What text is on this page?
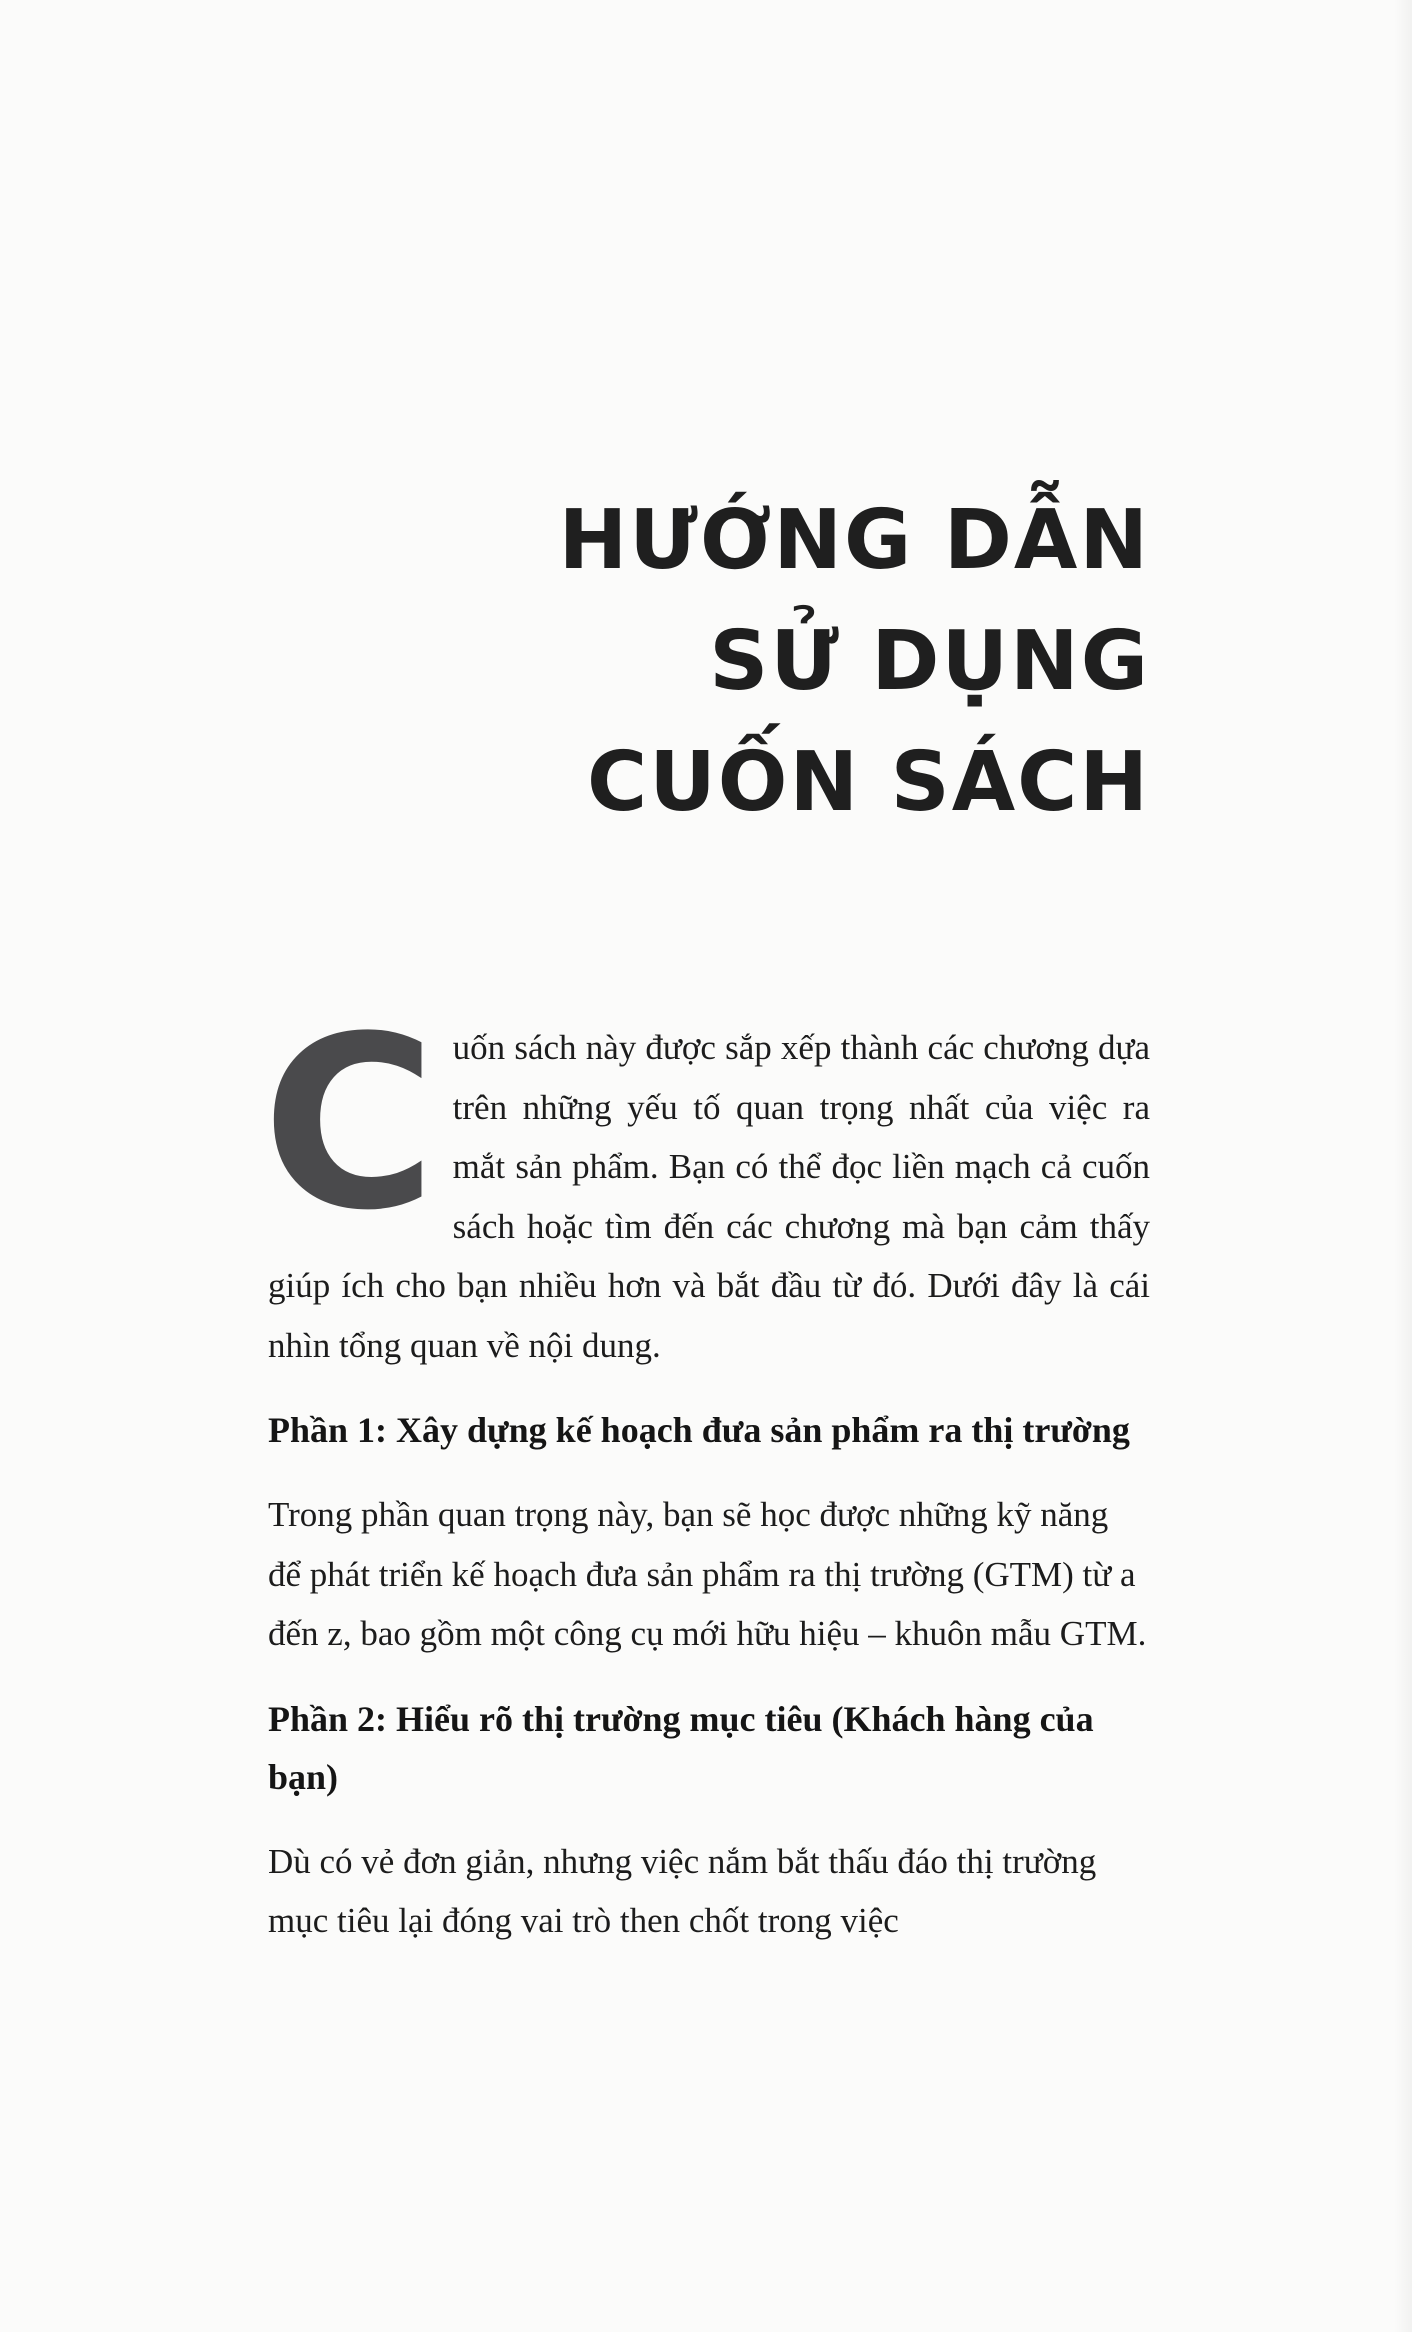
HƯỚNG DẪN
SỬ DỤNG
CUỐN SÁCH

Cuốn sách này được sắp xếp thành các chương dựa trên những yếu tố quan trọng nhất của việc ra mắt sản phẩm. Bạn có thể đọc liền mạch cả cuốn sách hoặc tìm đến các chương mà bạn cảm thấy giúp ích cho bạn nhiều hơn và bắt đầu từ đó. Dưới đây là cái nhìn tổng quan về nội dung.

Phần 1: Xây dựng kế hoạch đưa sản phẩm ra thị trường

Trong phần quan trọng này, bạn sẽ học được những kỹ năng để phát triển kế hoạch đưa sản phẩm ra thị trường (GTM) từ a đến z, bao gồm một công cụ mới hữu hiệu – khuôn mẫu GTM.

Phần 2: Hiểu rõ thị trường mục tiêu (Khách hàng của bạn)

Dù có vẻ đơn giản, nhưng việc nắm bắt thấu đáo thị trường mục tiêu lại đóng vai trò then chốt trong việc
